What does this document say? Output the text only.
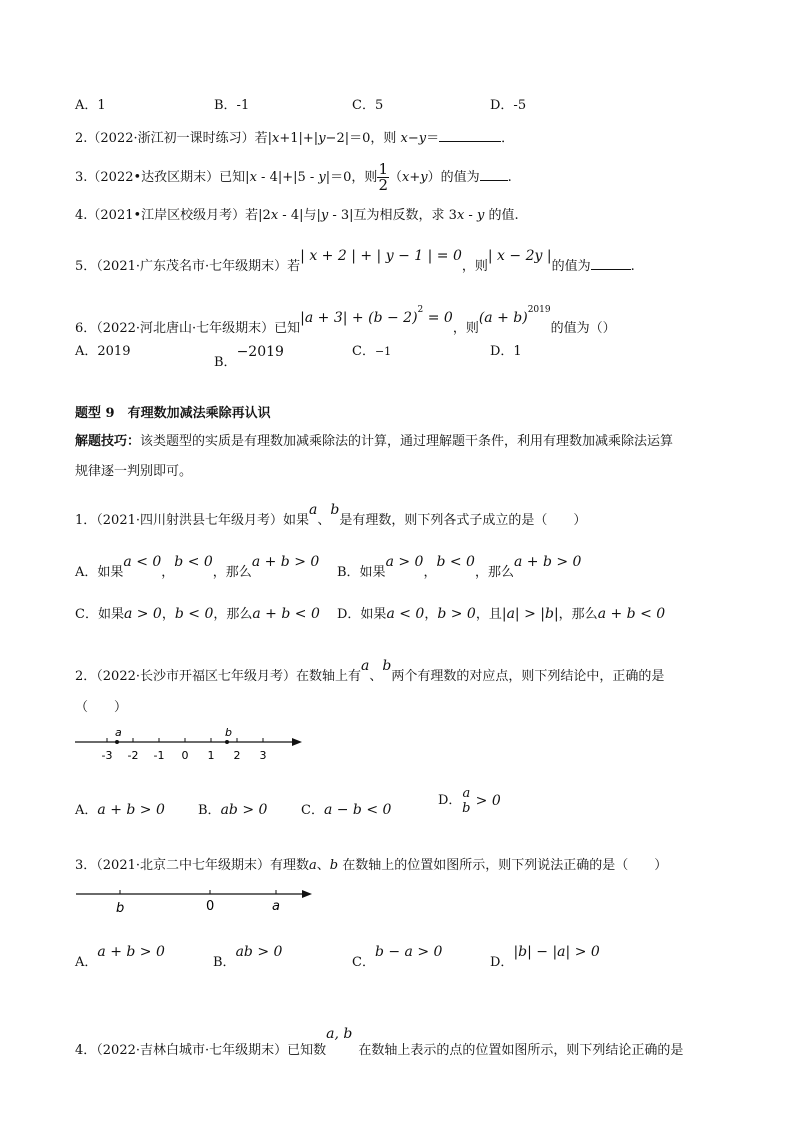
A．1	B．-1	C．5	D．-5
2.（2022·浙江初一课时练习）若|x+1|+|y−2|＝0，则 x−y＝	．
3.（2022•达孜区期末）已知|x - 4|+|5 - y|＝0，则 $\frac{1}{2} (x+y)$的值为 .
4.（2021•江岸区校级月考）若|2x - 4|与|y - 3|互为相反数，求 3x - y 的值.
5．（2021·广东茂名市·七年级期末）若| x + 2 | + | y − 1 | = 0，则| x − 2y |的值为	.
6．（2022·河北唐山·七年级期末）已知$|a + 3| + (b - 2)^2 = 0$，则$(a + b)^{2019}$的值为（）
A．2019
B．−2019	C．−1	D．1
题型 9　有理数加减法乘除再认识
解题技巧：该类题型的实质是有理数加减乘除法的计算，通过理解题干条件，利用有理数加减乘除法运算
规律逐一判别即可。
1．（2021·四川射洪县七年级月考）如果a、b是有理数，则下列各式子成立的是（　　）
A．如果a < 0，b < 0，那么a + b > 0
B．如果a > 0，b < 0，那么a + b > 0
C．如果a > 0，b < 0，那么a + b < 0 D．如果a < 0，b > 0，且|a| > |b|，那么a + b < 0
2．（2022·长沙市开福区七年级月考）在数轴上有a、b两个有理数的对应点，则下列结论中，正确的是
（　　）
-3 -2 -1 0 1 2 3
a	b
A．a + b > 0	B．ab > 0	C．a − b < 0
D． a
b > 0
3．（2021·北京二中七年级期末）有理数a、b 在数轴上的位置如图所示，则下列说法正确的是（　　）
b	0	a
A．a + b > 0
B．ab > 0
C．b − a > 0
D．|b| − |a| > 0
4．（2022·吉林白城市·七年级期末）已知数a, b在数轴上表示的点的位置如图所示，则下列结论正确的是
